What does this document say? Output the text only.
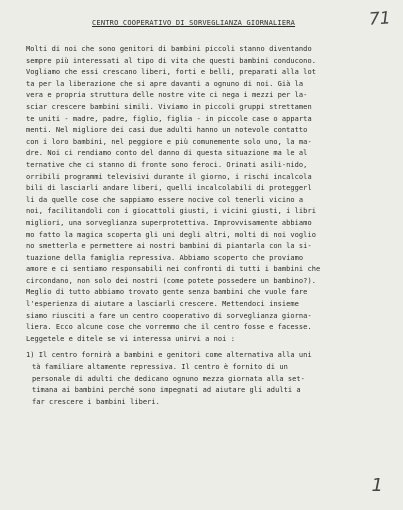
71
CENTRO COOPERATIVO DI SORVEGLIANZA GIORNALIERA
Molti di noi che sono genitori di bambini piccoli stanno diventando
sempre più interessati al tipo di vita che questi bambini conducono.
Vogliamo che essi crescano liberi, forti e belli, preparati alla lot
ta per la liberazione che si apre davanti a ognuno di noi. Già la
vera e propria struttura delle nostre vite ci nega i mezzi per la-
sciar crescere bambini simili. Viviamo in piccoli gruppi strettamen
te uniti - madre, padre, figlio, figlia - in piccole case o apparta
menti. Nel migliore dei casi due adulti hanno un notevole contatto
con i loro bambini, nel peggiore e più comunemente solo uno, la ma-
dre. Noi ci rendiamo conto del danno di questa situazione ma le al
ternative che ci stanno di fronte sono feroci. Orinati asili-nido,
orribili programmi televisivi durante il giorno, i rischi incalcola
bili di lasciarli andare liberi, quelli incalcolabili di proteggerl
li da quelle cose che sappiamo essere nocive col tenerli vicino a
noi, facilitandoli con i giocattoli giusti, i vicini giusti, i libri
migliori, una sorveglianza superprotettiva. Improvvisamente abbiamo
mo fatto la magica scoperta gli uni degli altri, molti di noi voglio
no smetterla e permettere ai nostri bambini di piantarla con la si-
tuazione della famiglia repressiva. Abbiamo scoperto che proviamo
amore e ci sentiamo responsabili nei confronti di tutti i bambini che
circondano, non solo dei nostri (come potete possedere un bambino?).
Meglio di tutto abbiamo trovato gente senza bambini che vuole fare
l'esperienza di aiutare a lasciarli crescere. Mettendoci insieme
siamo riusciti a fare un centro cooperativo di sorveglianza giorna-
liera. Ecco alcune cose che vorremmo che il centro fosse e facesse.
Leggetele e ditele se vi interessa unirvi a noi :
1) Il centro fornirà a bambini e genitori come alternativa alla uni
tà familiare altamente repressiva. Il centro è fornito di un
personale di adulti che dedicano ognuno mezza giornata alla set-
timana ai bambini perché sono impegnati ad aiutare gli adulti a
far crescere i bambini liberi.
1
